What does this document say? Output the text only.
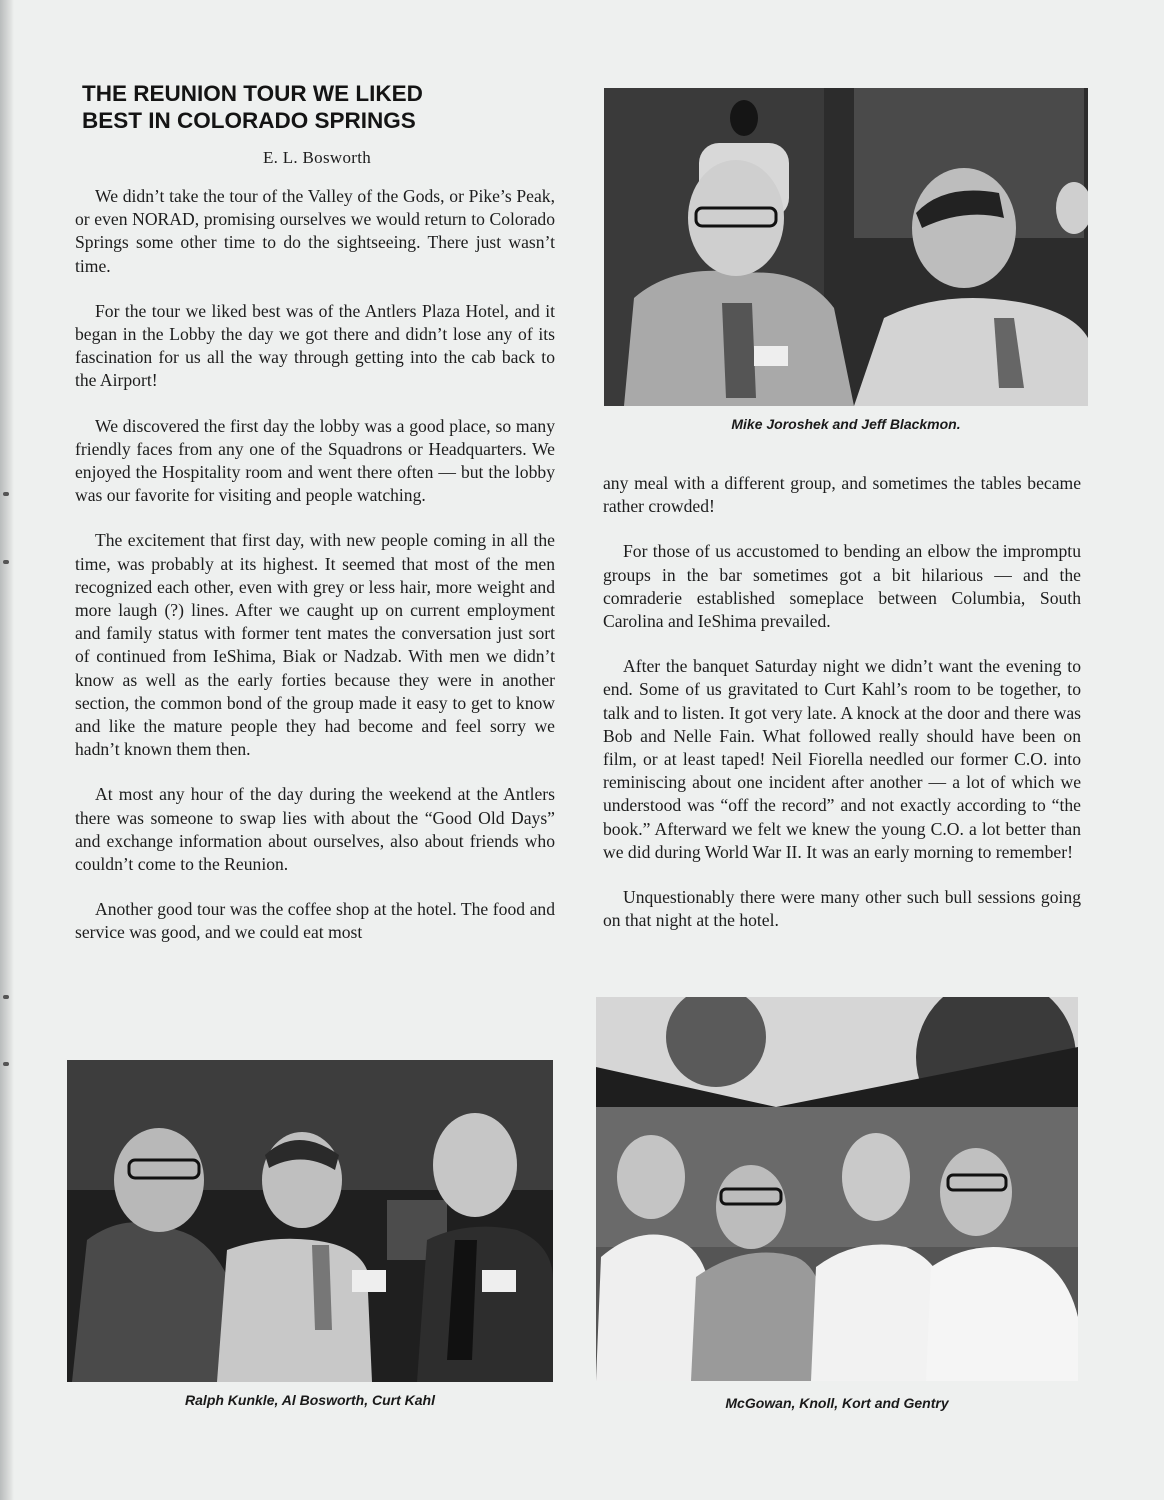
THE REUNION TOUR WE LIKED
BEST IN COLORADO SPRINGS

E. L. Bosworth

We didn’t take the tour of the Valley of the Gods, or Pike’s Peak, or even NORAD, promising ourselves we would return to Colorado Springs some other time to do the sightseeing. There just wasn’t time.

For the tour we liked best was of the Antlers Plaza Hotel, and it began in the Lobby the day we got there and didn’t lose any of its fascination for us all the way through getting into the cab back to the Airport!

We discovered the first day the lobby was a good place, so many friendly faces from any one of the Squadrons or Headquarters. We enjoyed the Hospitality room and went there often — but the lobby was our favorite for visiting and people watching.

The excitement that first day, with new people coming in all the time, was probably at its highest. It seemed that most of the men recognized each other, even with grey or less hair, more weight and more laugh (?) lines. After we caught up on current employment and family status with former tent mates the conversation just sort of continued from IeShima, Biak or Nadzab. With men we didn’t know as well as the early forties because they were in another section, the common bond of the group made it easy to get to know and like the mature people they had become and feel sorry we hadn’t known them then.

At most any hour of the day during the weekend at the Antlers there was someone to swap lies with about the “Good Old Days” and exchange information about ourselves, also about friends who couldn’t come to the Reunion.

Another good tour was the coffee shop at the hotel. The food and service was good, and we could eat most

any meal with a different group, and sometimes the tables became rather crowded!

For those of us accustomed to bending an elbow the impromptu groups in the bar sometimes got a bit hilarious — and the comraderie established someplace between Columbia, South Carolina and IeShima prevailed.

After the banquet Saturday night we didn’t want the evening to end. Some of us gravitated to Curt Kahl’s room to be together, to talk and to listen. It got very late. A knock at the door and there was Bob and Nelle Fain. What followed really should have been on film, or at least taped! Neil Fiorella needled our former C.O. into reminiscing about one incident after another — a lot of which we understood was “off the record” and not exactly according to “the book.” Afterward we felt we knew the young C.O. a lot better than we did during World War II. It was an early morning to remember!

Unquestionably there were many other such bull sessions going on that night at the hotel.

Mike Joroshek and Jeff Blackmon.

Ralph Kunkle, Al Bosworth, Curt Kahl	McGowan, Knoll, Kort and Gentry
